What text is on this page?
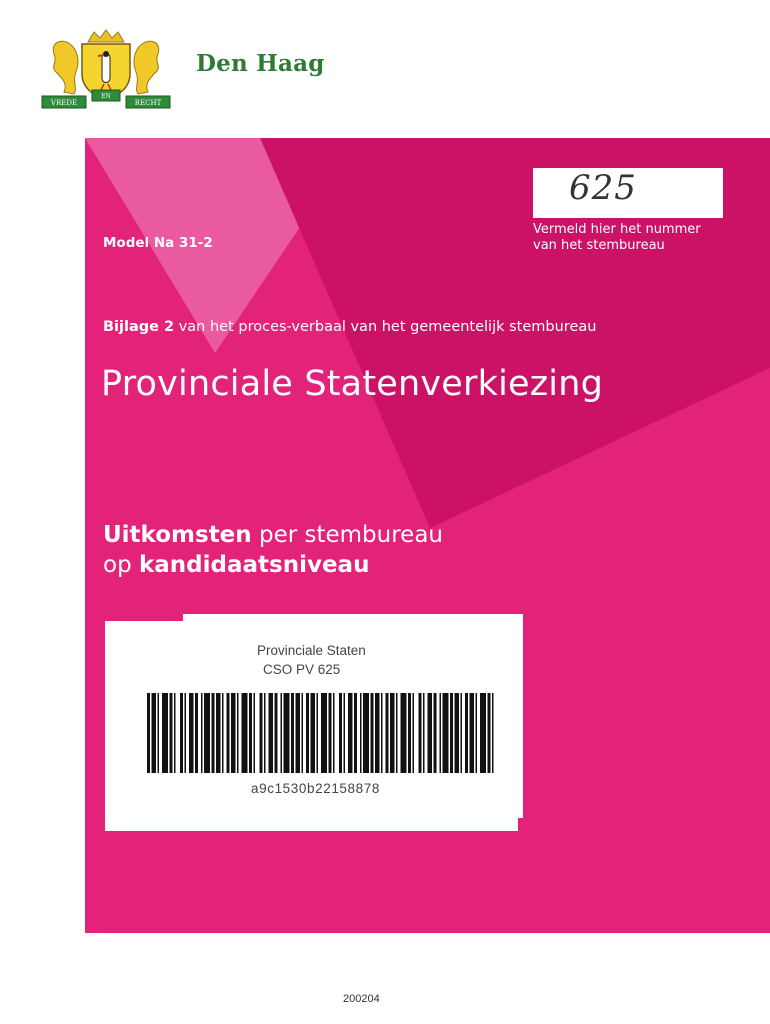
VREDE
EN
RECHT
Den Haag
625
Vermeld hier het nummer
van het stembureau
Model Na 31-2
Bijlage 2 van het proces-verbaal van het gemeentelijk stembureau
Provinciale Statenverkiezing
Uitkomsten per stembureau
op kandidaatsniveau
Provinciale Staten
CSO PV 625
a9c1530b22158878
200204
